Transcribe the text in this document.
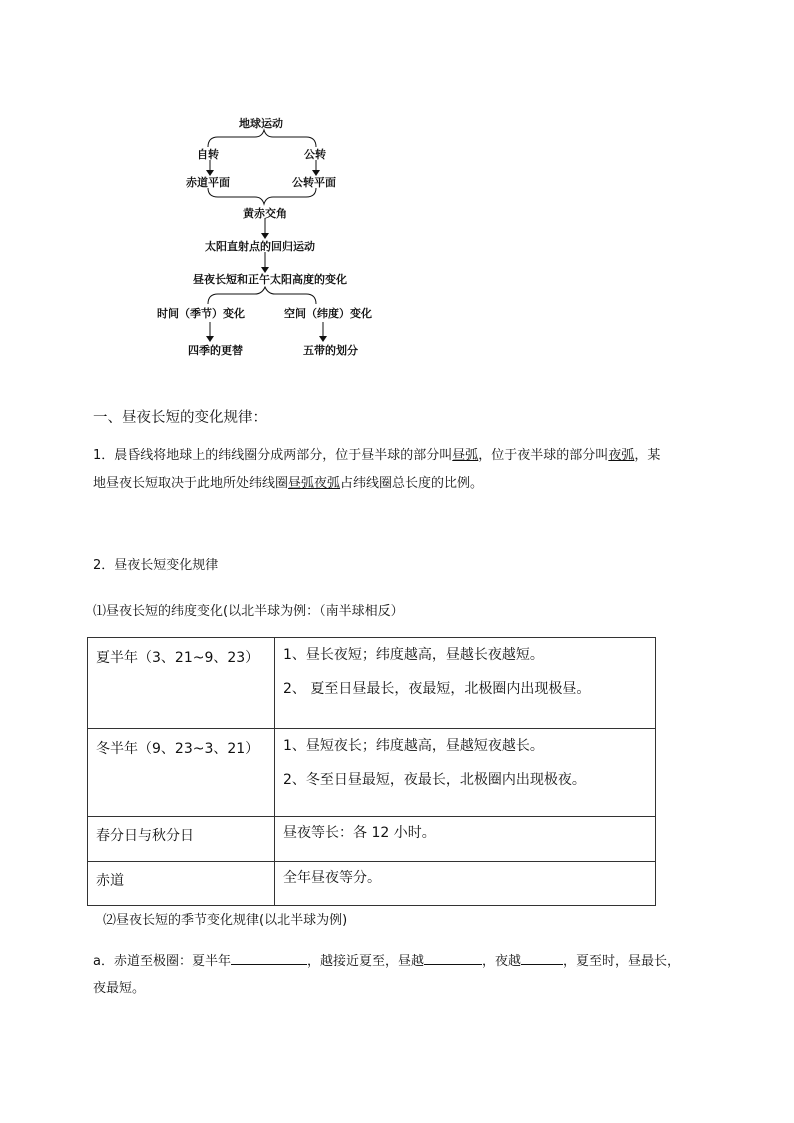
地球运动
自转	公转
赤道平面	公转平面
黄赤交角
太阳直射点的回归运动
昼夜长短和正午太阳高度的变化
时间（季节）变化	空间（纬度）变化
四季的更替	五带的划分
一、昼夜长短的变化规律：
1．晨昏线将地球上的纬线圈分成两部分，位于昼半球的部分叫昼弧，位于夜半球的部分叫夜弧，某
地昼夜长短取决于此地所处纬线圈昼弧夜弧占纬线圈总长度的比例。
2．昼夜长短变化规律
⑴昼夜长短的纬度变化(以北半球为例：（南半球相反）
夏半年（3、21~9、23）	1、昼长夜短；纬度越高，昼越长夜越短。
2、 夏至日昼最长，夜最短，北极圈内出现极昼。

冬半年（9、23~3、21）	1、昼短夜长；纬度越高，昼越短夜越长。
2、冬至日昼最短，夜最长，北极圈内出现极夜。

春分日与秋分日	昼夜等长：各 12 小时。

赤道	全年昼夜等分。
⑵昼夜长短的季节变化规律(以北半球为例)
a．赤道至极圈：夏半年	，越接近夏至，昼越	，夜越	，夏至时，昼最长，
夜最短。
